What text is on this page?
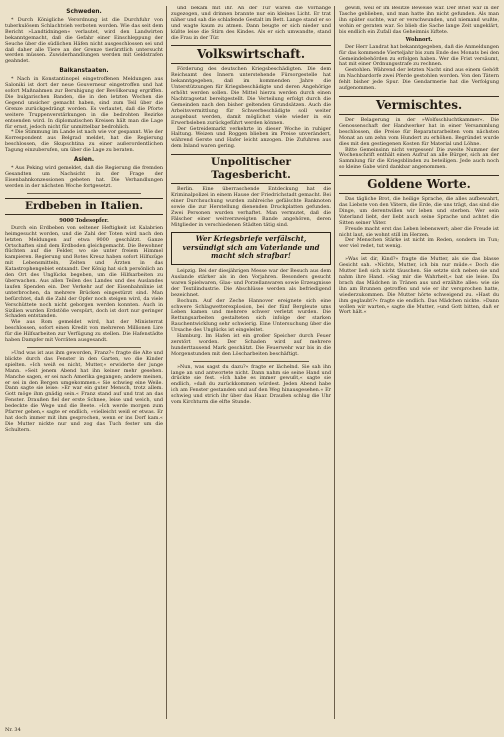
Schweden.

* Durch Königliche Verordnung ist die Durchfuhr von tuberkulösem Schlachtvieh verboten worden. Wie das seit dem Bericht »Landtidningen« verlautet, wird den Landwirten bekanntgemacht, daß die Gefahr einer Einschleppung der Seuche über die südlichen Häfen nicht ausgeschlossen sei und daß daher alle Tiere an der Grenze tierärztlich untersucht werden müssen. Zuwiderhandlungen werden mit Geldstrafen geahndet.

Balkanstaaten.

* Nach in Konstantinopel eingetroffenen Meldungen aus Saloniki ist dort der neue Gouverneur eingetroffen und hat sofort Maßnahmen zur Beruhigung der Bevölkerung ergriffen. Die bulgarischen Banden, die in den letzten Wochen die Gegend unsicher gemacht haben, sind zum Teil über die Grenze zurückgedrängt worden. Es verlautet, daß die Pforte weitere Truppenverstärkungen in die bedrohten Bezirke entsenden wird. In diplomatischen Kreisen hält man die Lage für ernst, jedoch nicht für unmittelbar bedrohlich.

* Die Stimmung im Lande ist nach wie vor gespannt. Wie der Korrespondent aus Belgrad meldet, hat die Regierung beschlossen, die Skupschtina zu einer außerordentlichen Tagung einzuberufen, um über die Lage zu beraten.

Asien.

* Aus Peking wird gemeldet, daß die Regierung die fremden Gesandten um Nachsicht in der Frage der Eisenbahnkonzessionen gebeten hat. Die Verhandlungen werden in der nächsten Woche fortgesetzt.

Erdbeben in Italien.
9000 Todesopfer.

Durch ein Erdbeben von seltener Heftigkeit ist Kalabrien heimgesucht worden, und die Zahl der Toten wird nach den letzten Meldungen auf etwa 9000 geschätzt. Ganze Ortschaften sind dem Erdboden gleichgemacht. Die Bewohner flüchten auf die Felder, wo sie unter freiem Himmel kampieren. Regierung und Rotes Kreuz haben sofort Hilfszüge mit Lebensmitteln, Zelten und Ärzten in das Katastrophengebiet entsandt. Der König hat sich persönlich an den Ort des Unglücks begeben, um die Hilfsarbeiten zu überwachen. Aus allen Teilen des Landes und des Auslandes laufen Spenden ein. Der Verkehr auf der Eisenbahnlinie ist unterbrochen, da mehrere Brücken eingestürzt sind. Man befürchtet, daß die Zahl der Opfer noch steigen wird, da viele Verschüttete noch nicht geborgen werden konnten. Auch in Sizilien wurden Erdstöße verspürt, doch ist dort nur geringer Schaden entstanden.

Wie aus Rom gemeldet wird, hat der Ministerrat beschlossen, sofort einen Kredit von mehreren Millionen Lire für die Hilfsarbeiten zur Verfügung zu stellen. Die Hafenstädte haben Dampfer mit Vorräten ausgesandt.

»Und was ist aus ihm geworden, Franz?« fragte die Alte und blickte durch das Fenster in den Garten, wo die Kinder spielten. »Ich weiß es nicht, Mutter,« erwiderte der junge Mann. »Seit jenem Abend hat ihn keiner mehr gesehen. Manche sagen, er sei nach Amerika gegangen; andere meinen, er sei in den Bergen umgekommen.« Sie schwieg eine Weile. Dann sagte sie leise: »Er war ein guter Mensch, trotz allem. Gott möge ihm gnädig sein.« Franz stand auf und trat an das Fenster. Draußen fiel der erste Schnee, leise und weich, und bedeckte die Wege und die Beete. »Ich werde morgen zum Pfarrer gehen,« sagte er endlich, »vielleicht weiß er etwas. Er hat doch immer mit ihm gesprochen, wenn er ins Dorf kam.« Die Mutter nickte nur und zog das Tuch fester um die Schultern.

und bekam mit ihr. An der Tür waren die Vorhänge zugezogen, und drinnen brannte nur ein kleines Licht. Er trat näher und sah die schlafende Gestalt im Bett. Lange stand er so und wagte kaum zu atmen. Dann beugte er sich nieder und küßte leise die Stirn des Kindes. Als er sich umwandte, stand die Frau in der Tür.

Volkswirtschaft.

Förderung des deutschen Kriegsbeschädigten. Die dem Reichsamt des Innern unterstehende Fürsorgestelle hat bekanntgegeben, daß im kommenden Jahre die Unterstützungen für Kriegsbeschädigte und deren Angehörige erhöht werden sollen. Die Mittel hierzu werden durch einen Nachtragsetat bereitgestellt. Die Verteilung erfolgt durch die Gemeinden nach den bisher geltenden Grundsätzen. Auch die Arbeitsvermittlung für Schwerbeschädigte soll weiter ausgebaut werden, damit möglichst viele wieder in ein Erwerbsleben zurückgeführt werden können.

Der Getreidemarkt verkehrte in dieser Woche in ruhiger Haltung. Weizen und Roggen blieben im Preise unverändert, während Gerste und Hafer leicht anzogen. Die Zufuhren aus dem Inland waren gering.

Unpolitischer Tagesbericht.

Berlin. Eine überraschende Entdeckung hat die Kriminalpolizei in einem Hause der Friedrichstadt gemacht. Bei einer Durchsuchung wurden zahlreiche gefälschte Banknoten sowie die zur Herstellung dienenden Druckplatten gefunden. Zwei Personen wurden verhaftet. Man vermutet, daß die Fälscher einer weitverzweigten Bande angehören, deren Mitglieder in verschiedenen Städten tätig sind.

Wer Kriegsbriefe verfälscht, versündigt sich am Vaterlande und macht sich strafbar!

Leipzig. Bei der diesjährigen Messe war der Besuch aus dem Auslande stärker als in den Vorjahren. Besonders gesucht waren Spielwaren, Glas- und Porzellanwaren sowie Erzeugnisse der Textilindustrie. Die Abschlüsse werden als befriedigend bezeichnet.

Bochum. Auf der Zeche Hannover ereignete sich eine schwere Schlagwetterexplosion, bei der fünf Bergleute ums Leben kamen und mehrere schwer verletzt wurden. Die Rettungsarbeiten gestalteten sich infolge der starken Rauchentwicklung sehr schwierig. Eine Untersuchung über die Ursache des Unglücks ist eingeleitet.

Hamburg. Im Hafen ist ein großer Speicher durch Feuer zerstört worden. Der Schaden wird auf mehrere hunderttausend Mark geschätzt. Die Feuerwehr war bis in die Morgenstunden mit den Löscharbeiten beschäftigt.

»Nun, was sagst du dazu?« fragte er lächelnd. Sie sah ihn lange an und antwortete nicht. Dann nahm sie seine Hand und drückte sie fest. »Ich habe es immer gewußt,« sagte sie endlich, »daß du zurückkommen würdest. Jeden Abend habe ich am Fenster gestanden und auf den Weg hinausgesehen.« Er schwieg und strich ihr über das Haar. Draußen schlug die Uhr vom Kirchturm die elfte Stunde.

gewiß, weil er im Besitze Beweise war. Der Brief war in der Tasche geblieben, und man hatte ihn nicht gefunden. Als man ihn später suchte, war er verschwunden, und niemand wußte, wohin er geraten war. So blieb die Sache lange Zeit ungeklärt, bis endlich ein Zufall das Geheimnis lüftete.

Wohnort.

Der Herr Landrat hat bekanntgegeben, daß die Anmeldungen für das kommende Vierteljahr bis zum Ende des Monats bei den Gemeindebehörden zu erfolgen haben. Wer die Frist versäumt, hat mit einer Ordnungsstrafe zu rechnen.

Gestohlen. Während der letzten Nacht sind aus einem Gehöft im Nachbardorfe zwei Pferde gestohlen worden. Von den Tätern fehlt bisher jede Spur. Die Gendarmerie hat die Verfolgung aufgenommen.

Vermischtes.

Der Belagerung in der »Wolfsschluchtkammer«. Die Genossenschaft der Handwerker hat in einer Versammlung beschlossen, die Preise für Reparaturarbeiten vom nächsten Monat an um zehn vom Hundert zu erhöhen. Begründet wurde dies mit den gestiegenen Kosten für Material und Löhne.

Bitte Gemeinsinn nicht vergessen! Die zweite Nummer der Wochenschrift enthält einen Aufruf an alle Bürger, sich an der Sammlung für die Kriegsblinden zu beteiligen. Jede auch noch so kleine Gabe wird dankbar angenommen.

Goldene Worte.

Das tägliche Brot, die heilige Sprache, die alles aufbewahrt, das Liebste von den Vätern, die Erde, die uns trägt, das sind die Dinge, um derentwillen wir leben und sterben. Wer sein Vaterland liebt, der liebt auch seine Sprache und achtet die Sitten seiner Väter.

Freude macht erst das Leben lebenswert; aber die Freude ist nicht laut, sie wohnt still im Herzen.

Der Menschen Stärke ist nicht im Reden, sondern im Tun; wer viel redet, tut wenig.

»Was ist dir, Kind?« fragte die Mutter, als sie das blasse Gesicht sah. »Nichts, Mutter, ich bin nur müde.« Doch die Mutter ließ sich nicht täuschen. Sie setzte sich neben sie und nahm ihre Hand. »Sag mir die Wahrheit,« bat sie leise. Da brach das Mädchen in Tränen aus und erzählte alles: wie sie ihn am Brunnen getroffen und wie er ihr versprochen hatte, wiederzukommen. Die Mutter hörte schweigend zu. »Hast du ihm geglaubt?« fragte sie endlich. Das Mädchen nickte. »Dann wollen wir warten,« sagte die Mutter, »und Gott bitten, daß er Wort hält.«

Nr. 34
